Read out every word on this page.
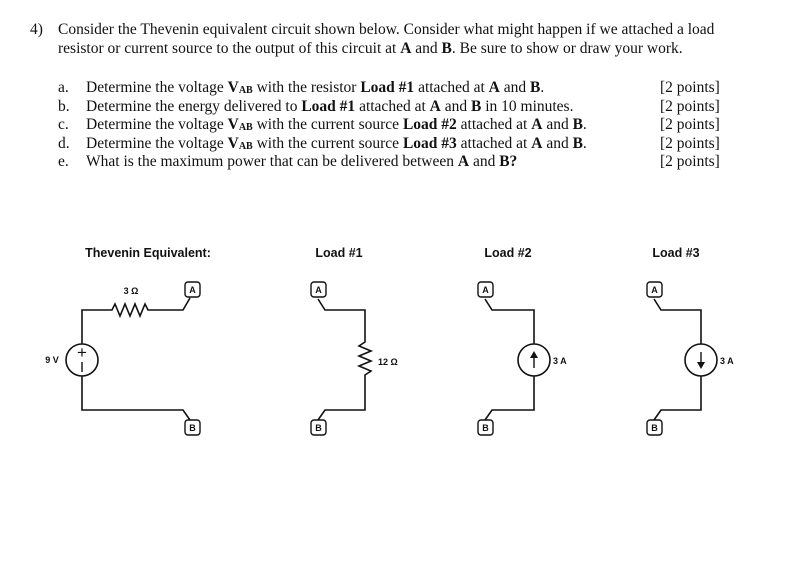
4) Consider the Thevenin equivalent circuit shown below. Consider what might happen if we attached a load
resistor or current source to the output of this circuit at A and B. Be sure to show or draw your work.
a. Determine the voltage $V_{AB}$ with the resistor Load #1 attached at A and B.	[2 points]
b. Determine the energy delivered to Load #1 attached at A and B in 10 minutes.	[2 points]
c. Determine the voltage $V_{AB}$ with the current source Load #2 attached at A and B.	[2 points]
d. Determine the voltage $V_{AB}$ with the current source Load #3 attached at A and B.	[2 points]
e. What is the maximum power that can be delivered between A and B?	[2 points]
Thevenin Equivalent:
3 Ω	A
+
9 V
B
Load #1
A
12 Ω
B
Load #2
A
3 A
B
Load #3
A
3 A
B
